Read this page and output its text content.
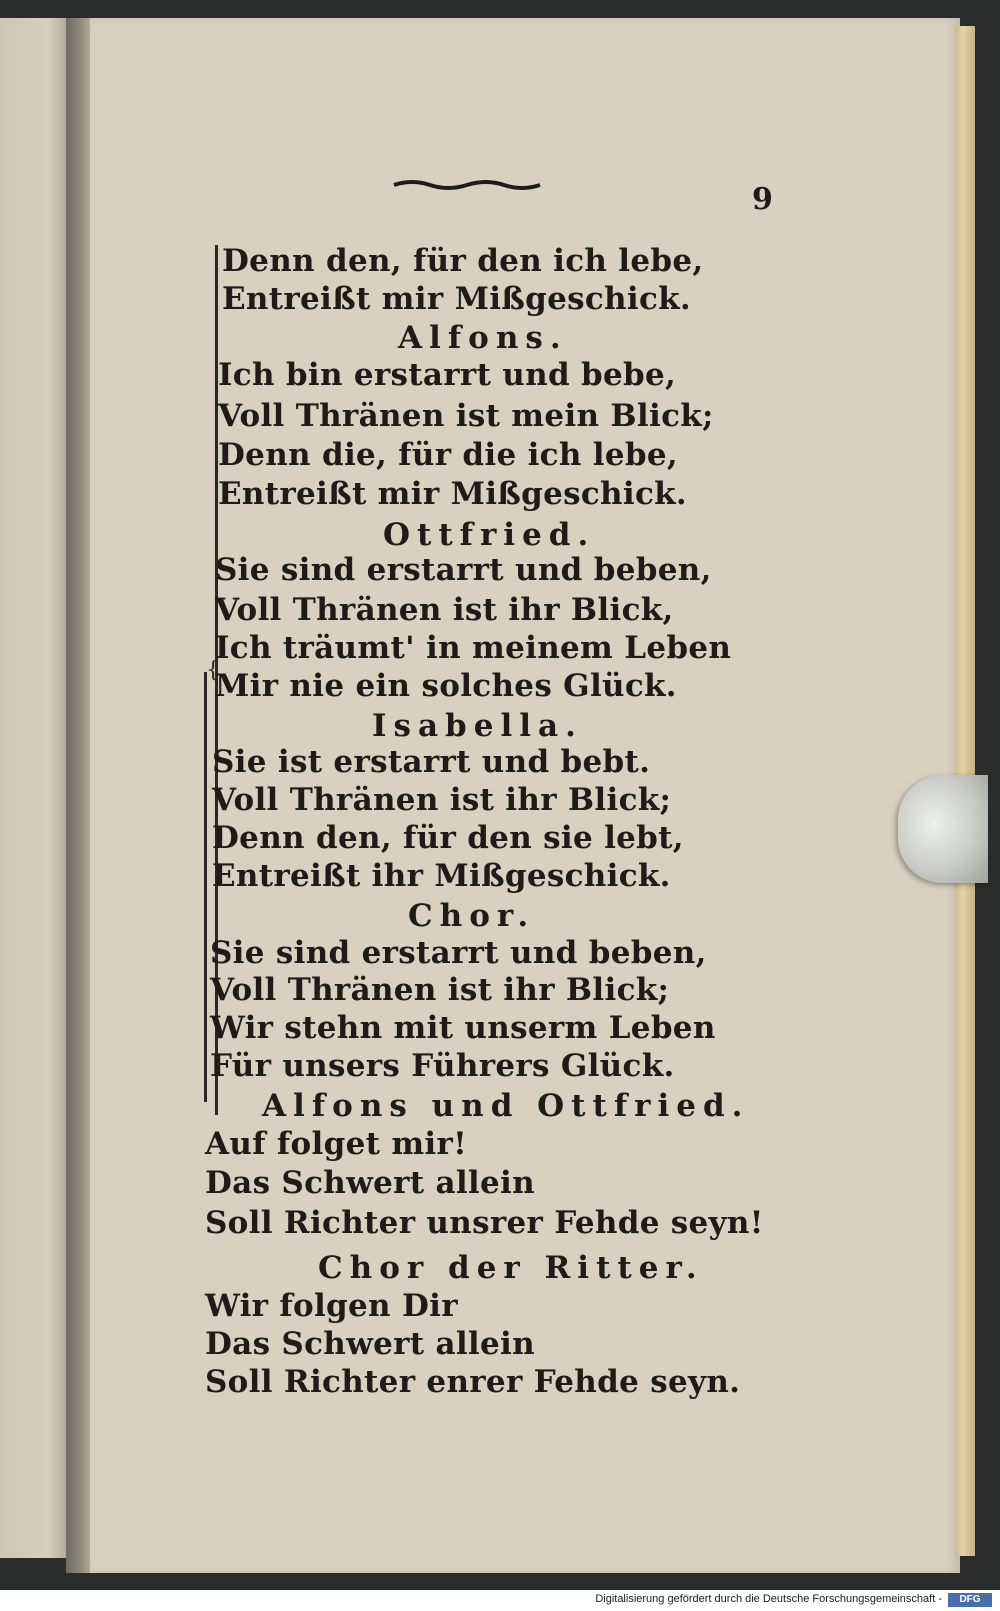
9
{
Denn den, für den ich lebe,
Entreißt mir Mißgeschick.
Alfons.
Ich bin erstarrt und bebe,
Voll Thränen ist mein Blick;
Denn die, für die ich lebe,
Entreißt mir Mißgeschick.
Ottfried.
Sie sind erstarrt und beben,
Voll Thränen ist ihr Blick,
Ich träumt' in meinem Leben
Mir nie ein solches Glück.
Isabella.
Sie ist erstarrt und bebt.
Voll Thränen ist ihr Blick;
Denn den, für den sie lebt,
Entreißt ihr Mißgeschick.
Chor.
Sie sind erstarrt und beben,
Voll Thränen ist ihr Blick;
Wir stehn mit unserm Leben
Für unsers Führers Glück.
Alfons und Ottfried.
Auf folget mir!
Das Schwert allein
Soll Richter unsrer Fehde seyn!
Chor der Ritter.
Wir folgen Dir
Das Schwert allein
Soll Richter enrer Fehde seyn.
Digitalisierung gefördert durch die Deutsche Forschungsgemeinschaft -	DFG
